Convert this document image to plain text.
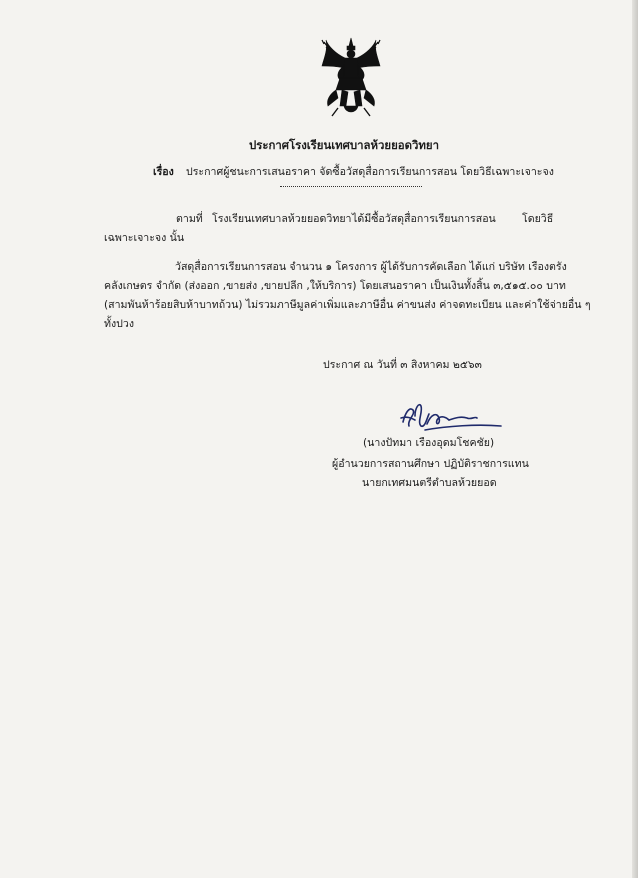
ประกาศโรงเรียนเทศบาลห้วยยอดวิทยา
เรื่อง ประกาศผู้ชนะการเสนอราคา จัดซื้อวัสดุสื่อการเรียนการสอน โดยวิธีเฉพาะเจาะจง
ตามที่ โรงเรียนเทศบาลห้วยยอดวิทยา ได้มีซื้อวัสดุสื่อการเรียนการสอน โดยวิธี
เฉพาะเจาะจง นั้น
วัสดุสื่อการเรียนการสอน จำนวน ๑ โครงการ ผู้ได้รับการคัดเลือก ได้แก่ บริษัท เรืองตรัง
คลังเกษตร จำกัด (ส่งออก ,ขายส่ง ,ขายปลีก ,ให้บริการ) โดยเสนอราคา เป็นเงินทั้งสิ้น ๓,๕๑๕.๐๐ บาท
(สามพันห้าร้อยสิบห้าบาทถ้วน) ไม่รวมภาษีมูลค่าเพิ่มและภาษีอื่น ค่าขนส่ง ค่าจดทะเบียน และค่าใช้จ่ายอื่น ๆ
ทั้งปวง
ประกาศ ณ วันที่ ๓ สิงหาคม ๒๕๖๓
(นางปัทมา เรืองอุดมโชคชัย)
ผู้อำนวยการสถานศึกษา ปฏิบัติราชการแทน
นายกเทศมนตรีตำบลห้วยยอด
